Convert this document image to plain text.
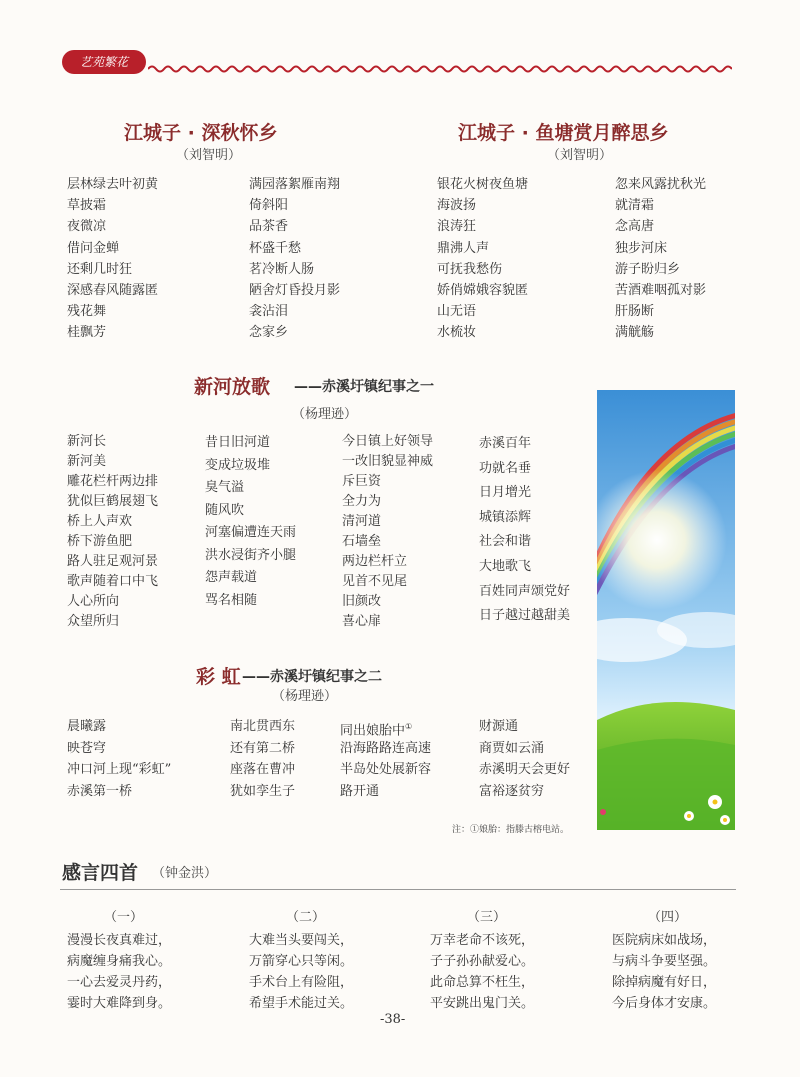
艺苑繁花
江城子 · 深秋怀乡
（刘智明）
层林绿去叶初黄
草披霜
夜微凉
借问金蝉
还剩几时狂
深感春风随露匿
残花舞
桂飘芳
满园落絮雁南翔
倚斜阳
品茶香
杯盛千愁
茗冷断人肠
陋舍灯昏投月影
衾沾泪
念家乡
江城子 · 鱼塘赏月醉思乡
（刘智明）
银花火树夜鱼塘
海波扬
浪涛狂
鼎沸人声
可抚我愁伤
娇俏嫦娥容貌匿
山无语
水梳妆
忽来风露扰秋光
就清霜
念高唐
独步河床
游子盼归乡
苦酒难咽孤对影
肝肠断
满觥觞
新河放歌 ——赤溪圩镇纪事之一
（杨理逊）
新河长
新河美
雕花栏杆两边排
犹似巨鹤展翅飞
桥上人声欢
桥下游鱼肥
路人驻足观河景
歌声随着口中飞
人心所向
众望所归
昔日旧河道
变成垃圾堆
臭气溢
随风吹
河塞偏遭连天雨
洪水浸街齐小腿
怨声载道
骂名相随
今日镇上好领导
一改旧貌显神威
斥巨资
全力为
清河道
石墙垒
两边栏杆立
见首不见尾
旧颜改
喜心扉
赤溪百年
功就名垂
日月增光
城镇添辉
社会和谐
大地歌飞
百姓同声颂党好
日子越过越甜美
彩 虹 ——赤溪圩镇纪事之二
（杨理逊）
晨曦露
映苍穹
冲口河上现“彩虹”
赤溪第一桥
南北贯西东
还有第二桥
座落在曹冲
犹如孪生子
同出娘胎中①
沿海路路连高速
半岛处处展新容
路开通
财源通
商贾如云涌
赤溪明天会更好
富裕逐贫穷
注：①娘胎：指滕古榕电站。
感言四首 （钟金洪）
（一）
漫漫长夜真难过，
病魔缠身痛我心。
一心去爱灵丹药，
霎时大难降到身。
（二）
大难当头要闯关，
万箭穿心只等闲。
手术台上有险阻，
希望手术能过关。
（三）
万幸老命不该死，
子子孙孙献爱心。
此命总算不枉生，
平安跳出鬼门关。
（四）
医院病床如战场，
与病斗争要坚强。
除掉病魔有好日，
今后身体才安康。
-38-
